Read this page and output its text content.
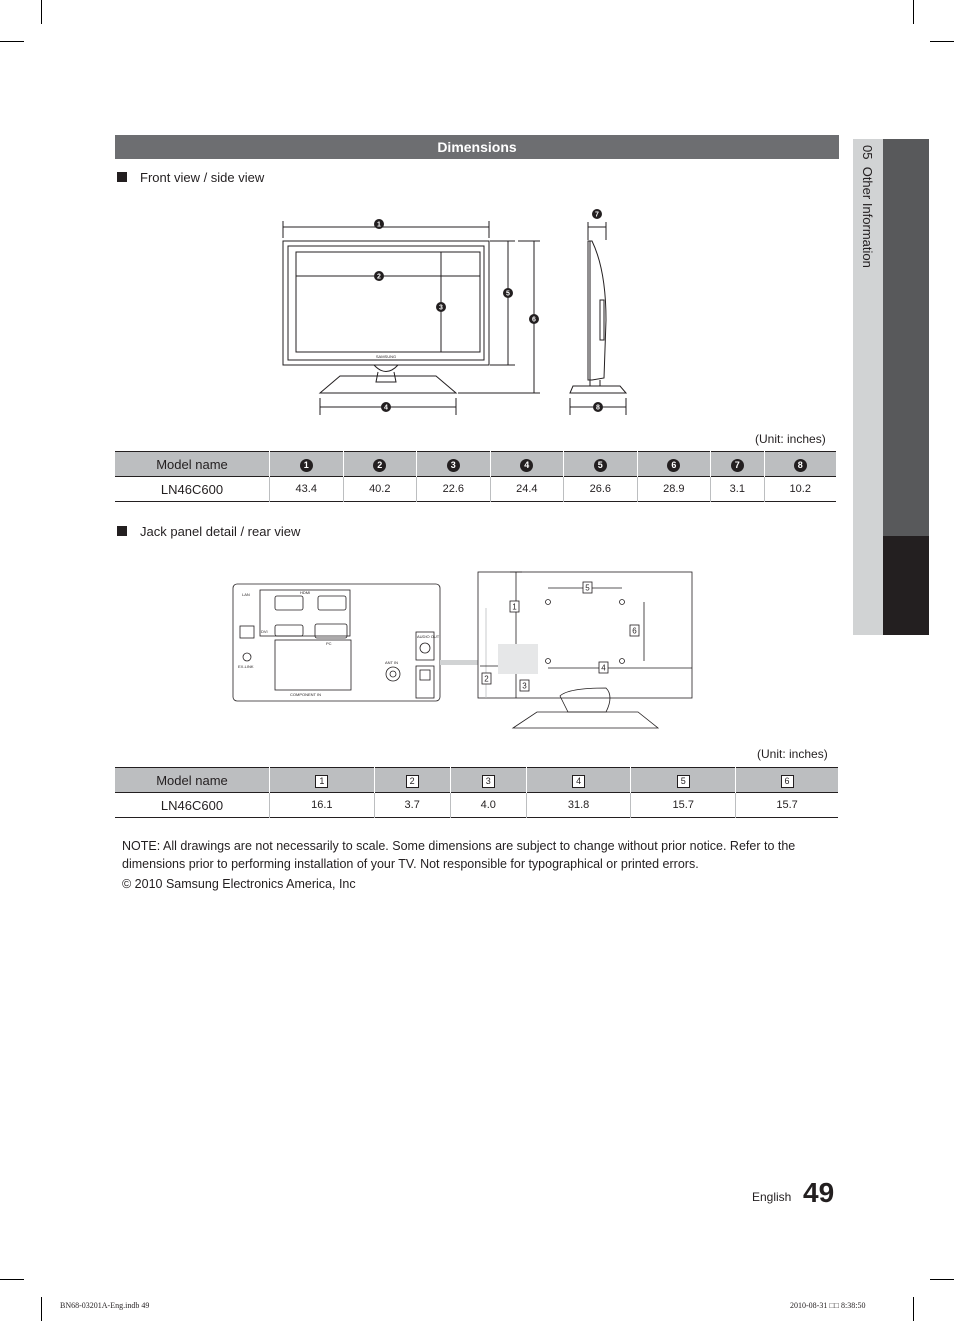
Dimensions	05  Other Information
Front view / side view
SAMSUNG
1
2
3
4
5
6
7
8
(Unit: inches)
Model name	1	2	3	4	5	6	7	8
LN46C600	43.4	40.2	22.6	24.4	26.6	28.9	3.1	10.2
Jack panel detail / rear view
LAN	HDMI
DVI
PC
AUDIO OUT
ANT IN
COMPONENT IN
EX-LINK
1
2
3
4
5
6
(Unit: inches)
Model name	1	2	3	4	5	6
LN46C600	16.1	3.7	4.0	31.8	15.7	15.7
NOTE: All drawings are not necessarily to scale. Some dimensions are subject to change without prior notice. Refer to the dimensions prior to performing installation of your TV. Not responsible for typographical or printed errors.
© 2010 Samsung Electronics America, Inc
English 49
BN68-03201A-Eng.indb 49	2010-08-31 □□ 8:38:50
